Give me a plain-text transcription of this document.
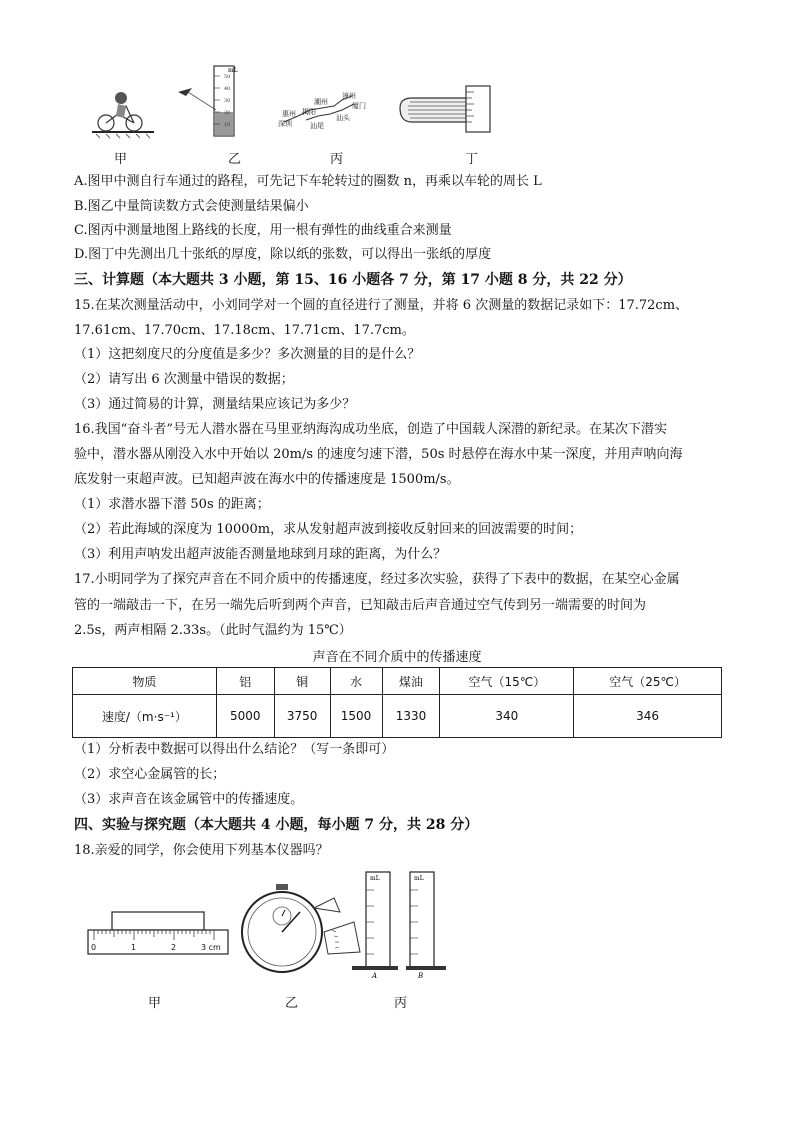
mL
50
40
30
20
10
漳州
潮州	厦门
揭阳
惠州
深圳	汕尾
汕头
甲	乙	丙	丁
A.图甲中测自行车通过的路程，可先记下车轮转过的圈数 n，再乘以车轮的周长 L
B.图乙中量筒读数方式会使测量结果偏小
C.图丙中测量地图上路线的长度，用一根有弹性的曲线重合来测量
D.图丁中先测出几十张纸的厚度，除以纸的张数，可以得出一张纸的厚度
三、计算题（本大题共 3 小题，第 15、16 小题各 7 分，第 17 小题 8 分，共 22 分）
15.在某次测量活动中，小刘同学对一个圆的直径进行了测量，并将 6 次测量的数据记录如下：17.72cm、
17.61cm、17.70cm、17.18cm、17.71cm、17.7cm。
（1）这把刻度尺的分度值是多少？多次测量的目的是什么？
（2）请写出 6 次测量中错误的数据；
（3）通过简易的计算，测量结果应该记为多少？
16.我国“奋斗者”号无人潜水器在马里亚纳海沟成功坐底，创造了中国载人深潜的新纪录。在某次下潜实
验中，潜水器从刚没入水中开始以 20m/s 的速度匀速下潜，50s 时悬停在海水中某一深度，并用声呐向海
底发射一束超声波。已知超声波在海水中的传播速度是 1500m/s。
（1）求潜水器下潜 50s 的距离；
（2）若此海域的深度为 10000m，求从发射超声波到接收反射回来的回波需要的时间；
（3）利用声呐发出超声波能否测量地球到月球的距离，为什么？
17.小明同学为了探究声音在不同介质中的传播速度，经过多次实验，获得了下表中的数据，在某空心金属
管的一端敲击一下，在另一端先后听到两个声音，已知敲击后声音通过空气传到另一端需要的时间为
2.5s，两声相隔 2.33s。（此时气温约为 15℃）
声音在不同介质中的传播速度
物质	铝	铜	水	煤油	空气（15℃）	空气（25℃）
速度/（m·s⁻¹）	5000	3750	1500	1330	340	346
（1）分析表中数据可以得出什么结论？（写一条即可）
（2）求空心金属管的长；
（3）求声音在该金属管中的传播速度。
四、实验与探究题（本大题共 4 小题，每小题 7 分，共 28 分）
18.亲爱的同学，你会使用下列基本仪器吗？
0	1	2	3 cm
mL	mL
A	B
甲	乙	丙
